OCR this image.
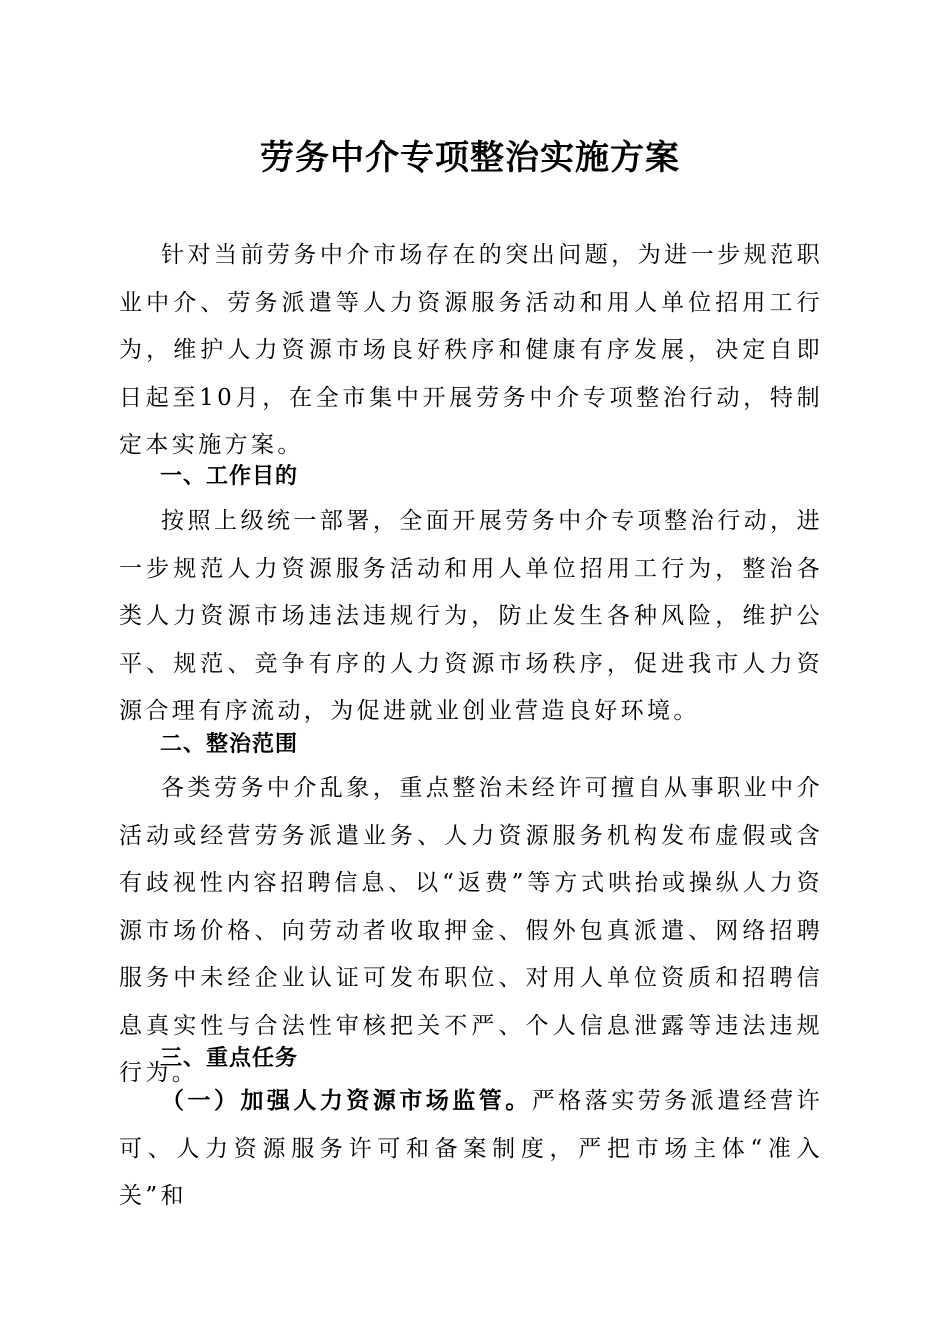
劳务中介专项整治实施方案

针对当前劳务中介市场存在的突出问题，为进一步规范职业中介、劳务派遣等人力资源服务活动和用人单位招用工行为，维护人力资源市场良好秩序和健康有序发展，决定自即日起至10月，在全市集中开展劳务中介专项整治行动，特制定本实施方案。

一、工作目的

按照上级统一部署，全面开展劳务中介专项整治行动，进一步规范人力资源服务活动和用人单位招用工行为，整治各类人力资源市场违法违规行为，防止发生各种风险，维护公平、规范、竞争有序的人力资源市场秩序，促进我市人力资源合理有序流动，为促进就业创业营造良好环境。

二、整治范围

各类劳务中介乱象，重点整治未经许可擅自从事职业中介活动或经营劳务派遣业务、人力资源服务机构发布虚假或含有歧视性内容招聘信息、以“返费”等方式哄抬或操纵人力资源市场价格、向劳动者收取押金、假外包真派遣、网络招聘服务中未经企业认证可发布职位、对用人单位资质和招聘信息真实性与合法性审核把关不严、个人信息泄露等违法违规行为。

三、重点任务

（一）加强人力资源市场监管。严格落实劳务派遣经营许可、人力资源服务许可和备案制度，严把市场主体“准入关”和
